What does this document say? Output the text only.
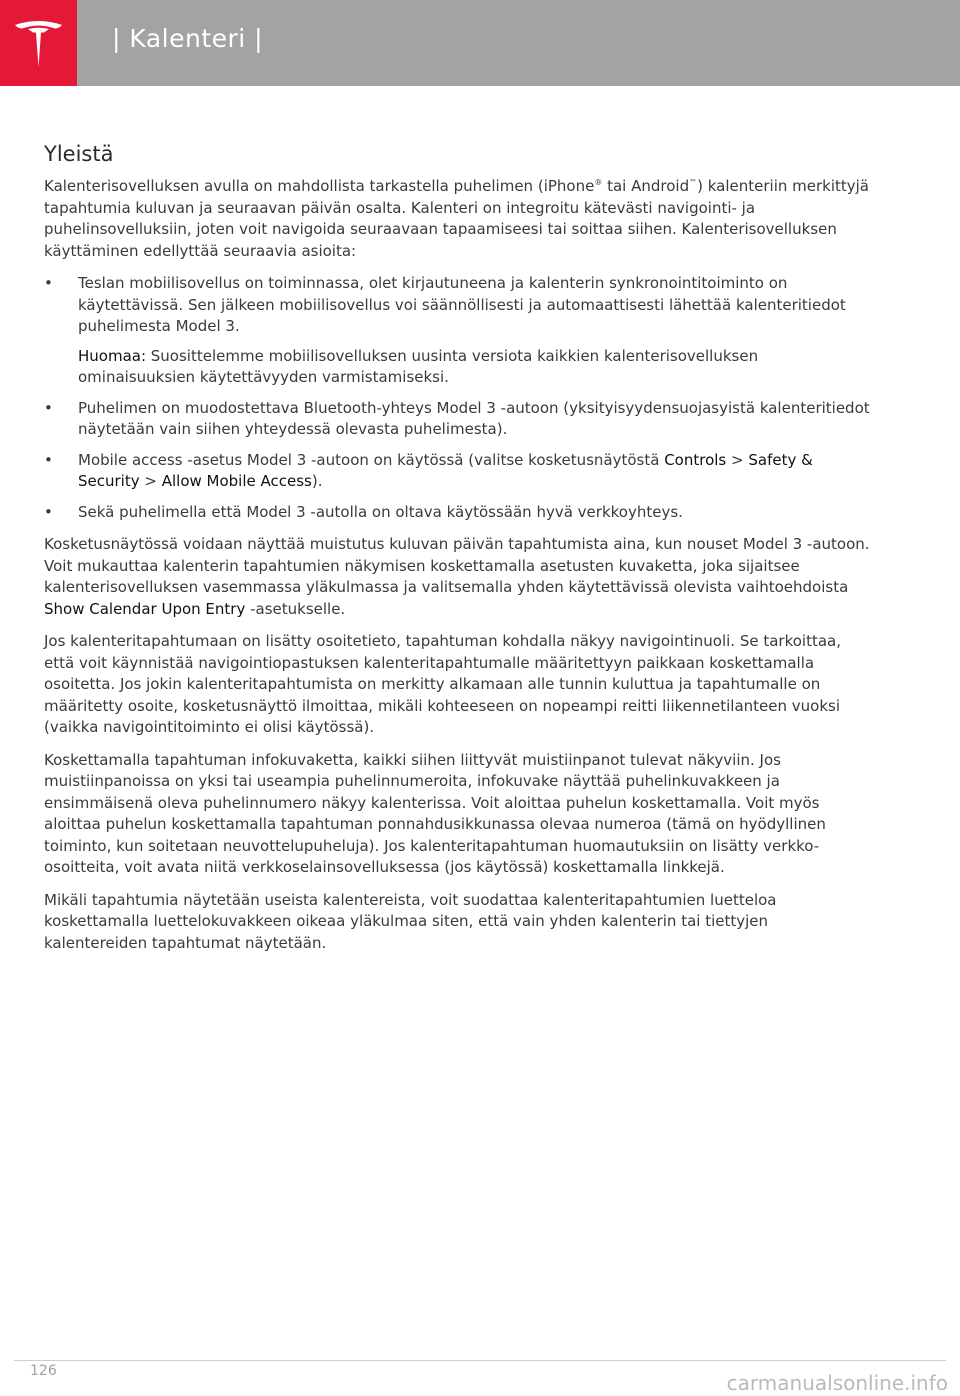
| Kalenteri |
Yleistä

Kalenterisovelluksen avulla on mahdollista tarkastella puhelimen (iPhone® tai Android™) kalenteriin merkittyjä tapahtumia kuluvan ja seuraavan päivän osalta. Kalenteri on integroitu kätevästi navigointi- ja puhelinsovelluksiin, joten voit navigoida seuraavaan tapaamiseesi tai soittaa siihen. Kalenterisovelluksen käyttäminen edellyttää seuraavia asioita:

• Teslan mobiilisovellus on toiminnassa, olet kirjautuneena ja kalenterin synkronointitoiminto on käytettävissä. Sen jälkeen mobiilisovellus voi säännöllisesti ja automaattisesti lähettää kalenteritiedot puhelimesta Model 3.

Huomaa: Suosittelemme mobiilisovelluksen uusinta versiota kaikkien kalenterisovelluksen ominaisuuksien käytettävyyden varmistamiseksi.

• Puhelimen on muodostettava Bluetooth-yhteys Model 3 -autoon (yksityisyydensuojasyistä kalenteritiedot näytetään vain siihen yhteydessä olevasta puhelimesta).
• Mobile access -asetus Model 3 -autoon on käytössä (valitse kosketusnäytöstä Controls > Safety & Security > Allow Mobile Access).
• Sekä puhelimella että Model 3 -autolla on oltava käytössään hyvä verkkoyhteys.

Kosketusnäytössä voidaan näyttää muistutus kuluvan päivän tapahtumista aina, kun nouset Model 3 -autoon. Voit mukauttaa kalenterin tapahtumien näkymisen koskettamalla asetusten kuvaketta, joka sijaitsee kalenterisovelluksen vasemmassa yläkulmassa ja valitsemalla yhden käytettävissä olevista vaihtoehdoista Show Calendar Upon Entry -asetukselle.

Jos kalenteritapahtumaan on lisätty osoitetieto, tapahtuman kohdalla näkyy navigointinuoli. Se tarkoittaa, että voit käynnistää navigointiopastuksen kalenteritapahtumalle määritettyyn paikkaan koskettamalla osoitetta. Jos jokin kalenteritapahtumista on merkitty alkamaan alle tunnin kuluttua ja tapahtumalle on määritetty osoite, kosketusnäyttö ilmoittaa, mikäli kohteeseen on nopeampi reitti liikennetilanteen vuoksi (vaikka navigointitoiminto ei olisi käytössä).

Koskettamalla tapahtuman infokuvaketta, kaikki siihen liittyvät muistiinpanot tulevat näkyviin. Jos muistiinpanoissa on yksi tai useampia puhelinnumeroita, infokuvake näyttää puhelinkuvakkeen ja ensimmäisenä oleva puhelinnumero näkyy kalenterissa. Voit aloittaa puhelun koskettamalla. Voit myös aloittaa puhelun koskettamalla tapahtuman ponnahdusikkunassa olevaa numeroa (tämä on hyödyllinen toiminto, kun soitetaan neuvottelupuheluja). Jos kalenteritapahtuman huomautuksiin on lisätty verkko-osoitteita, voit avata niitä verkkoselainsovelluksessa (jos käytössä) koskettamalla linkkejä.

Mikäli tapahtumia näytetään useista kalentereista, voit suodattaa kalenteritapahtumien luetteloa koskettamalla luettelokuvakkeen oikeaa yläkulmaa siten, että vain yhden kalenterin tai tiettyjen kalentereiden tapahtumat näytetään.

126	carmanualsonline.info
